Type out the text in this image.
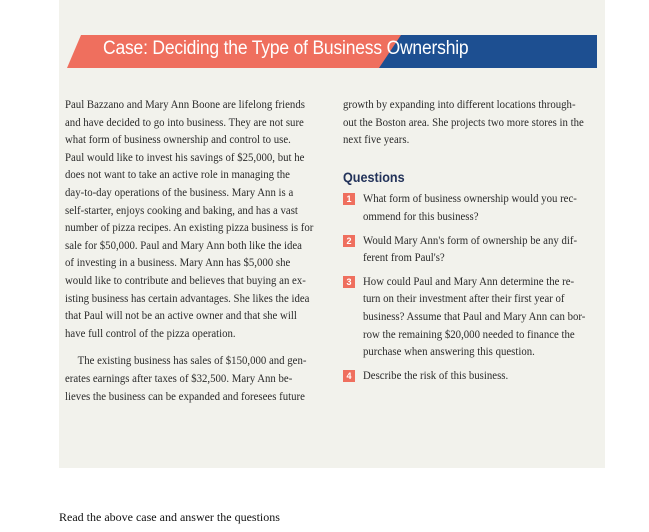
Case: Deciding the Type of Business Ownership

Paul Bazzano and Mary Ann Boone are lifelong friends
and have decided to go into business. They are not sure
what form of business ownership and control to use.
Paul would like to invest his savings of $25,000, but he
does not want to take an active role in managing the
day-to-day operations of the business. Mary Ann is a
self-starter, enjoys cooking and baking, and has a vast
number of pizza recipes. An existing pizza business is for
sale for $50,000. Paul and Mary Ann both like the idea
of investing in a business. Mary Ann has $5,000 she
would like to contribute and believes that buying an ex-
isting business has certain advantages. She likes the idea
that Paul will not be an active owner and that she will
have full control of the pizza operation.

The existing business has sales of $150,000 and gen-
erates earnings after taxes of $32,500. Mary Ann be-
lieves the business can be expanded and foresees future

growth by expanding into different locations through-
out the Boston area. She projects two more stores in the
next five years.

Questions
1 What form of business ownership would you rec-
ommend for this business?
2 Would Mary Ann's form of ownership be any dif-
ferent from Paul's?
3 How could Paul and Mary Ann determine the re-
turn on their investment after their first year of
business? Assume that Paul and Mary Ann can bor-
row the remaining $20,000 needed to finance the
purchase when answering this question.
4 Describe the risk of this business.
Read the above case and answer the questions
